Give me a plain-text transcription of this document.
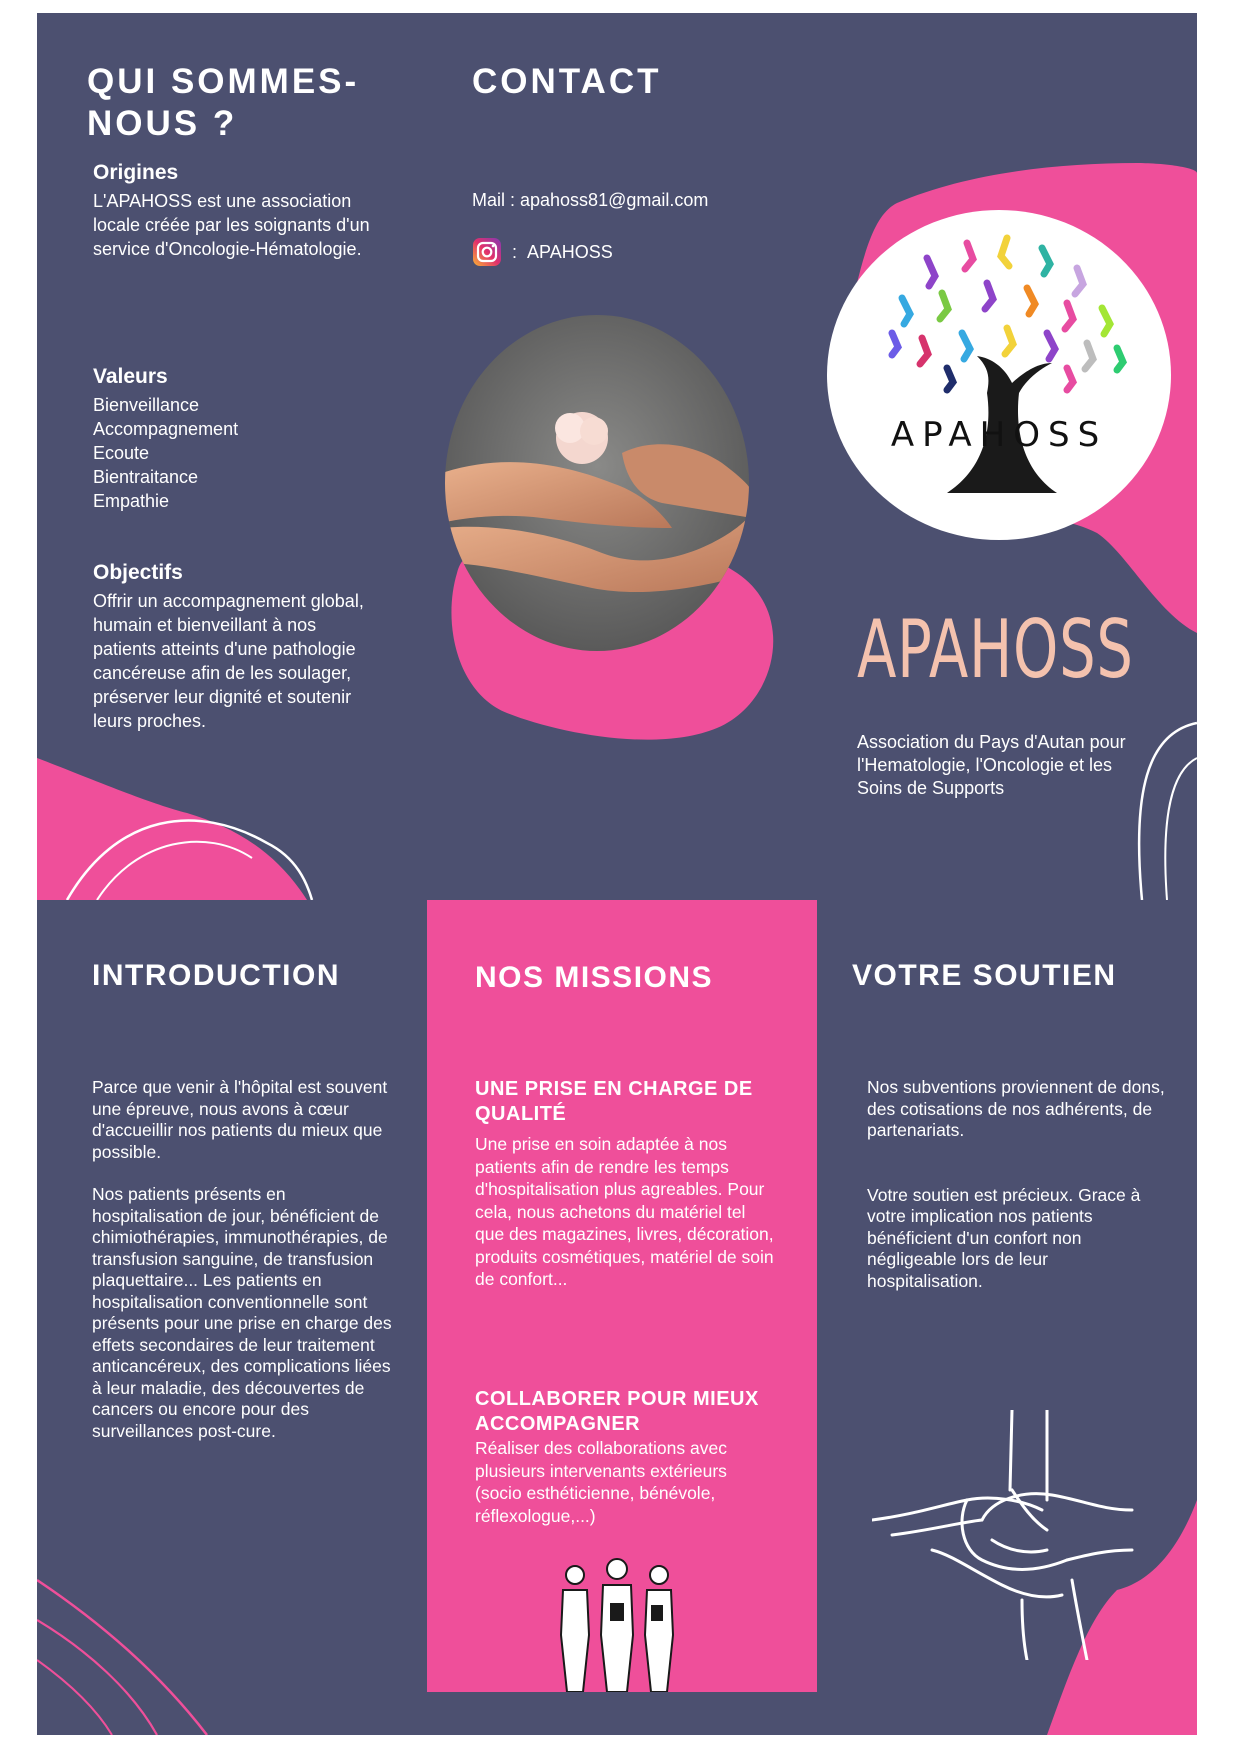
QUI SOMMES-
NOUS ?
Origines

L'APAHOSS est une association locale créée par les soignants d'un service d'Oncologie-Hématologie.

Valeurs
Bienveillance
Accompagnement
Ecoute
Bientraitance
Empathie
Objectifs

Offrir un accompagnement global, humain et bienveillant à nos patients atteints d'une pathologie cancéreuse afin de les soulager, préserver leur dignité et soutenir leurs proches.

CONTACT
Mail : apahoss81@gmail.com
: APAHOSS
APAHOSS
APAHOSS
Association du Pays d'Autan pour l'Hematologie, l'Oncologie et les Soins de Supports
INTRODUCTION

Parce que venir à l'hôpital est souvent une épreuve, nous avons à cœur d'accueillir nos patients du mieux que possible.

Nos patients présents en hospitalisation de jour, bénéficient de chimiothérapies, immunothérapies, de transfusion sanguine, de transfusion plaquettaire... Les patients en hospitalisation conventionnelle sont présents pour une prise en charge des effets secondaires de leur traitement anticancéreux, des complications liées à leur maladie, des découvertes de cancers ou encore pour des surveillances post-cure.

NOS MISSIONS
UNE PRISE EN CHARGE DE QUALITÉ

Une prise en soin adaptée à nos patients afin de rendre les temps d'hospitalisation plus agreables. Pour cela, nous achetons du matériel tel que des magazines, livres, décoration, produits cosmétiques, matériel de soin de confort...

COLLABORER POUR MIEUX ACCOMPAGNER

Réaliser des collaborations avec plusieurs intervenants extérieurs (socio esthéticienne, bénévole, réflexologue,...)

VOTRE SOUTIEN

Nos subventions proviennent de dons, des cotisations de nos adhérents, de partenariats.

Votre soutien est précieux. Grace à votre implication nos patients bénéficient d'un confort non négligeable lors de leur hospitalisation.
